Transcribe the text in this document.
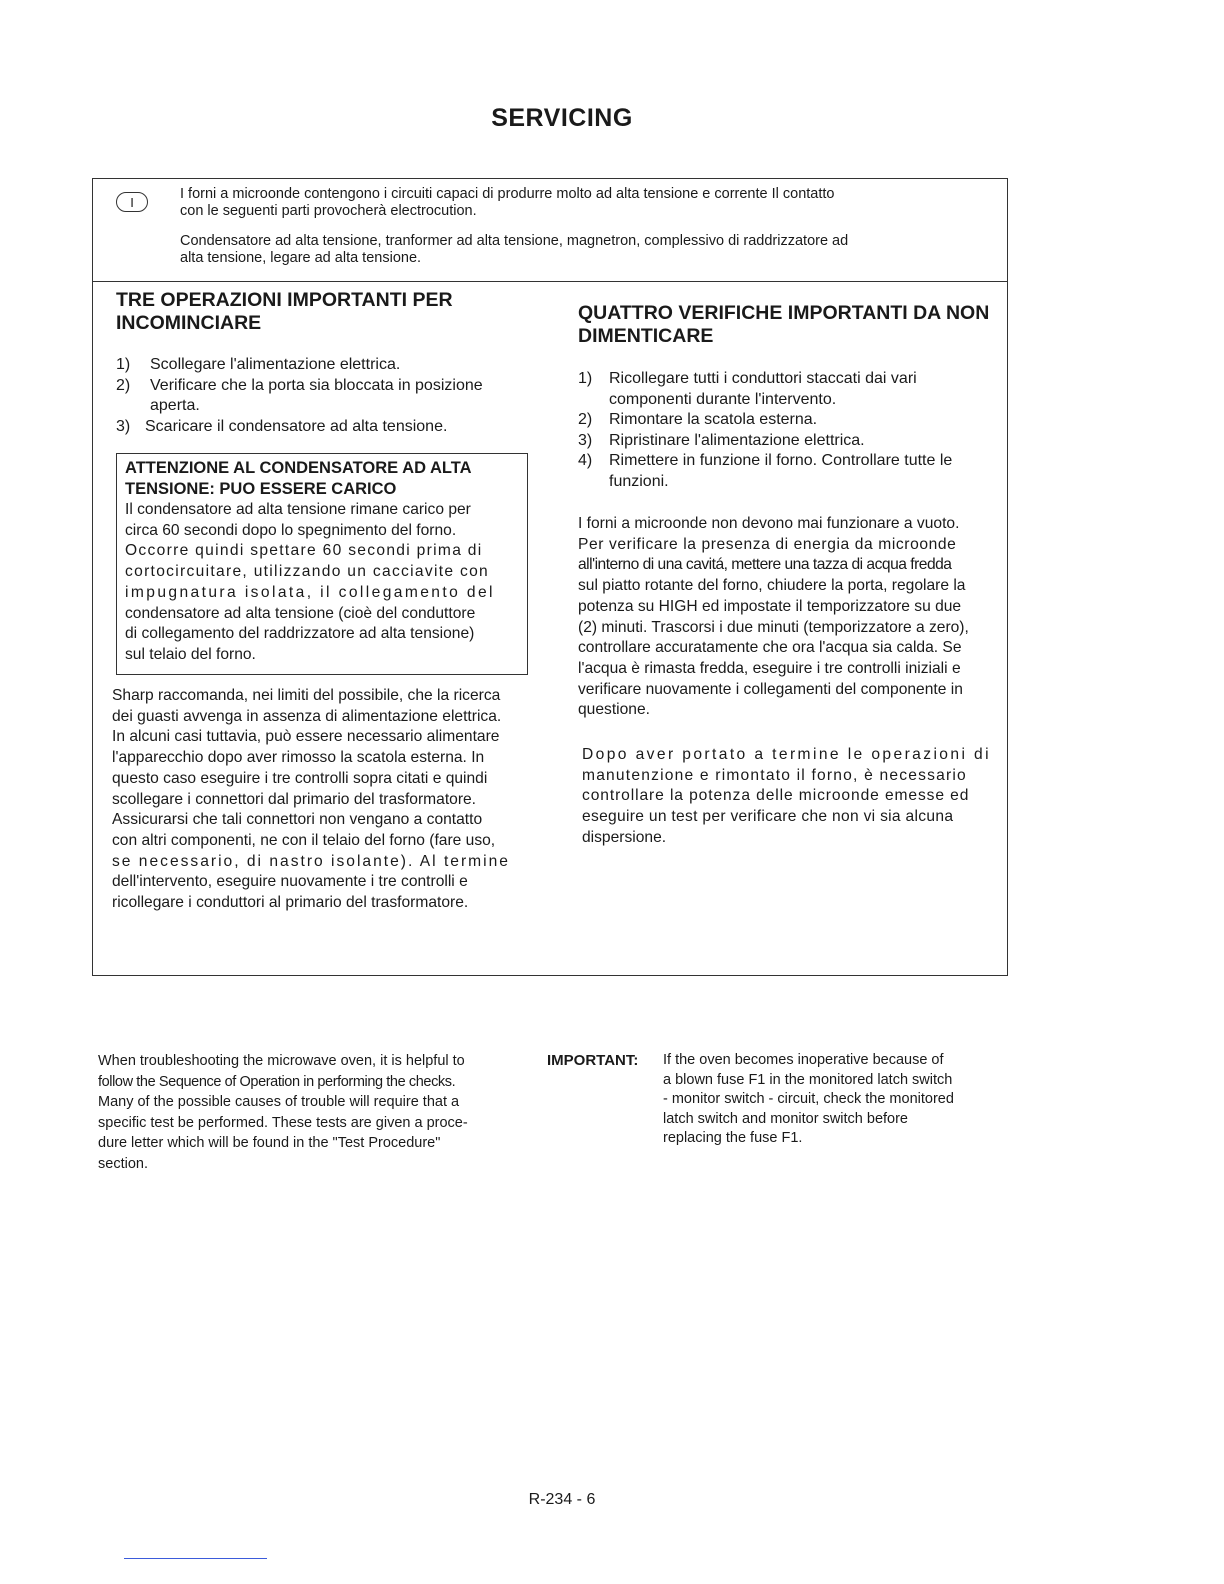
SERVICING
I
I forni a microonde contengono i circuiti capaci di produrre molto ad alta tensione e corrente Il contatto
con le seguenti parti provocherà electrocution.
Condensatore ad alta tensione, tranformer ad alta tensione, magnetron, complessivo di raddrizzatore ad
alta tensione, legare ad alta tensione.
TRE OPERAZIONI IMPORTANTI PER
INCOMINCIARE
1) Scollegare l'alimentazione elettrica.
2) Verificare che la porta sia bloccata in posizione
aperta.
3) Scaricare il condensatore ad alta tensione.
ATTENZIONE AL CONDENSATORE AD ALTA
TENSIONE: PUO ESSERE CARICO
Il condensatore ad alta tensione rimane carico per
circa 60 secondi dopo lo spegnimento del forno.
Occorre quindi spettare 60 secondi prima di
cortocircuitare, utilizzando un cacciavite con
impugnatura isolata, il collegamento del
condensatore ad alta tensione (cioè del conduttore
di collegamento del raddrizzatore ad alta tensione)
sul telaio del forno.
Sharp raccomanda, nei limiti del possibile, che la ricerca
dei guasti avvenga in assenza di alimentazione elettrica.
In alcuni casi tuttavia, può essere necessario alimentare
l'apparecchio dopo aver rimosso la scatola esterna. In
questo caso eseguire i tre controlli sopra citati e quindi
scollegare i connettori dal primario del trasformatore.
Assicurarsi che tali connettori non vengano a contatto
con altri componenti, ne con il telaio del forno (fare uso,
se necessario, di nastro isolante). Al termine
dell'intervento, eseguire nuovamente i tre controlli e
ricollegare i conduttori al primario del trasformatore.
QUATTRO VERIFICHE IMPORTANTI DA NON
DIMENTICARE
1) Ricollegare tutti i conduttori staccati dai vari
componenti durante l'intervento.
2) Rimontare la scatola esterna.
3) Ripristinare l'alimentazione elettrica.
4) Rimettere in funzione il forno. Controllare tutte le
funzioni.
I forni a microonde non devono mai funzionare a vuoto.
Per verificare la presenza di energia da microonde
all'interno di una cavitá, mettere una tazza di acqua fredda
sul piatto rotante del forno, chiudere la porta, regolare la
potenza su HIGH ed impostate il temporizzatore su due
(2) minuti. Trascorsi i due minuti (temporizzatore a zero),
controllare accuratamente che ora l'acqua sia calda. Se
l'acqua è rimasta fredda, eseguire i tre controlli iniziali e
verificare nuovamente i collegamenti del componente in
questione.
Dopo aver portato a termine le operazioni di
manutenzione e rimontato il forno, è necessario
controllare la potenza delle microonde emesse ed
eseguire un test per verificare che non vi sia alcuna
dispersione.
When troubleshooting the microwave oven, it is helpful to
follow the Sequence of Operation in performing the checks.
Many of the possible causes of trouble will require that a
specific test be performed. These tests are given a proce-
dure letter which will be found in the "Test Procedure"
section.
IMPORTANT: If the oven becomes inoperative because of
a blown fuse F1 in the monitored latch switch
- monitor switch - circuit, check the monitored
latch switch and monitor switch before
replacing the fuse F1.
R-234 - 6
